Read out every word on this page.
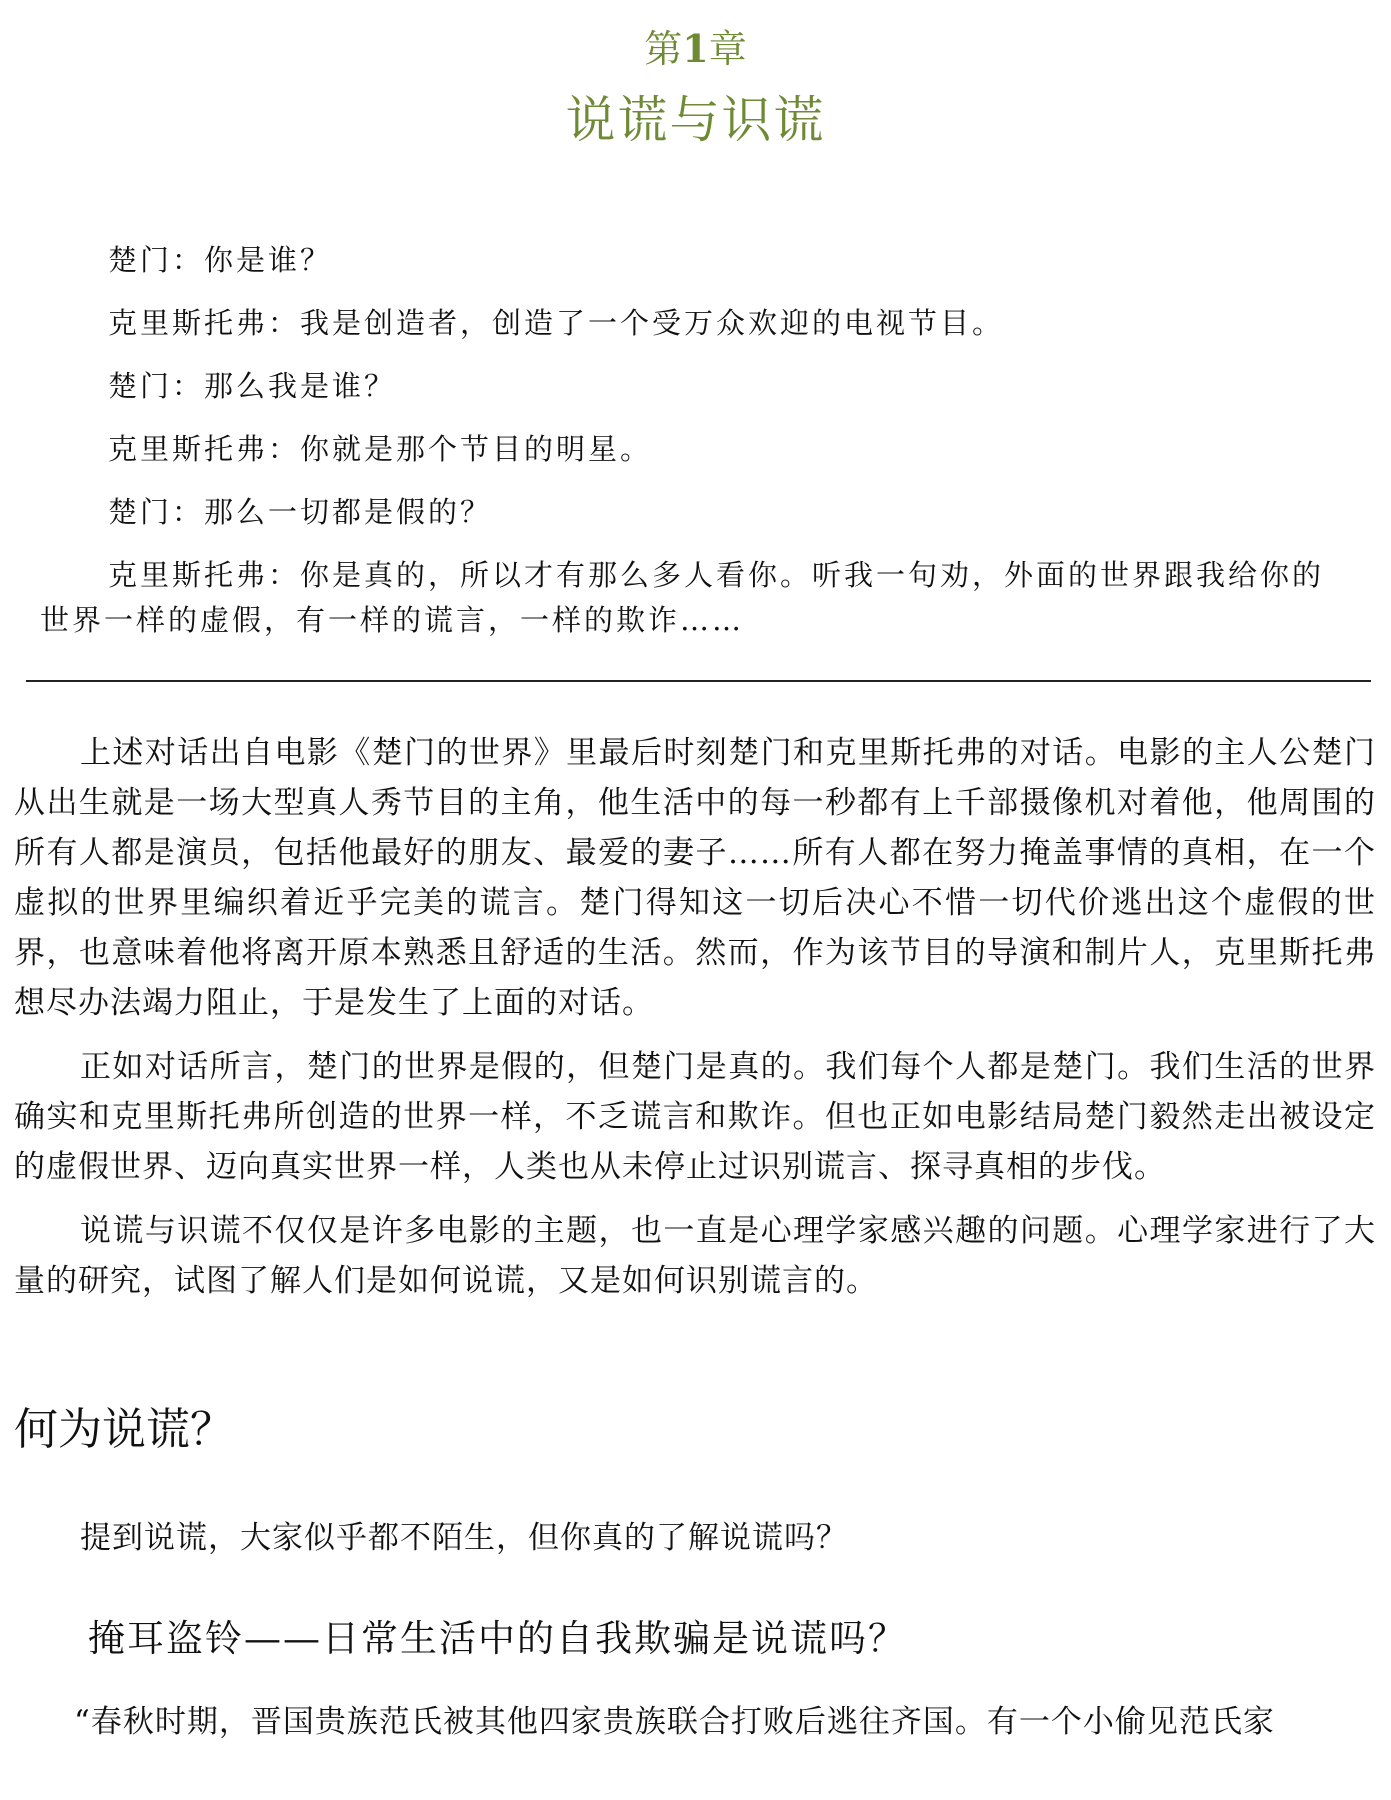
第1章
说谎与识谎

楚门：你是谁？

克里斯托弗：我是创造者，创造了一个受万众欢迎的电视节目。

楚门：那么我是谁？

克里斯托弗：你就是那个节目的明星。

楚门：那么一切都是假的？

克里斯托弗：你是真的，所以才有那么多人看你。听我一句劝，外面的世界跟我给你的世界一样的虚假，有一样的谎言，一样的欺诈……

上述对话出自电影《楚门的世界》里最后时刻楚门和克里斯托弗的对话。电影的主人公楚门从出生就是一场大型真人秀节目的主角，他生活中的每一秒都有上千部摄像机对着他，他周围的所有人都是演员，包括他最好的朋友、最爱的妻子……所有人都在努力掩盖事情的真相，在一个虚拟的世界里编织着近乎完美的谎言。楚门得知这一切后决心不惜一切代价逃出这个虚假的世界，也意味着他将离开原本熟悉且舒适的生活。然而，作为该节目的导演和制片人，克里斯托弗想尽办法竭力阻止，于是发生了上面的对话。

正如对话所言，楚门的世界是假的，但楚门是真的。我们每个人都是楚门。我们生活的世界确实和克里斯托弗所创造的世界一样，不乏谎言和欺诈。但也正如电影结局楚门毅然走出被设定的虚假世界、迈向真实世界一样，人类也从未停止过识别谎言、探寻真相的步伐。

说谎与识谎不仅仅是许多电影的主题，也一直是心理学家感兴趣的问题。心理学家进行了大量的研究，试图了解人们是如何说谎，又是如何识别谎言的。

何为说谎？

提到说谎，大家似乎都不陌生，但你真的了解说谎吗？

掩耳盗铃——日常生活中的自我欺骗是说谎吗？

“春秋时期，晋国贵族范氏被其他四家贵族联合打败后逃往齐国。有一个小偷见范氏家
